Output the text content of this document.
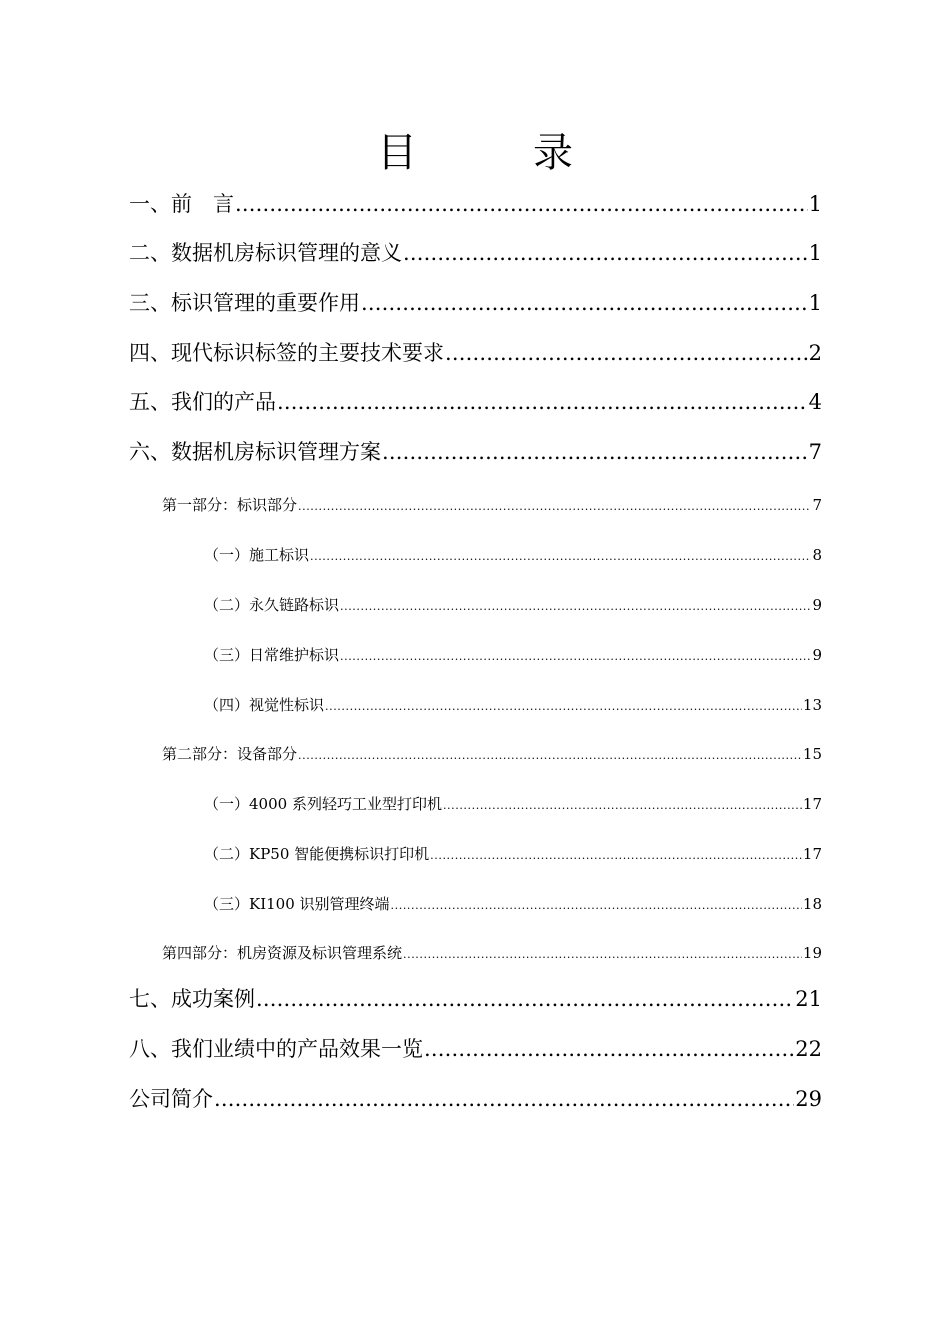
目　录
一、前　言 .....	1
二、数据机房标识管理的意义 .....	1
三、标识管理的重要作用 .....	1
四、现代标识标签的主要技术要求 .....	2
五、我们的产品 .....	4
六、数据机房标识管理方案 .....	7
第一部分：标识部分 .....	7
（一）施工标识 .....	8
（二）永久链路标识 .....	9
（三）日常维护标识 .....	9
（四）视觉性标识 .....	13
第二部分：设备部分 .....	15
（一）4000 系列轻巧工业型打印机 .....	17
（二）KP50 智能便携标识打印机 .....	17
（三）KI100 识别管理终端 .....	18
第四部分：机房资源及标识管理系统 .....	19
七、成功案例 .....	21
八、我们业绩中的产品效果一览 .....	22
公司简介 .....	29
